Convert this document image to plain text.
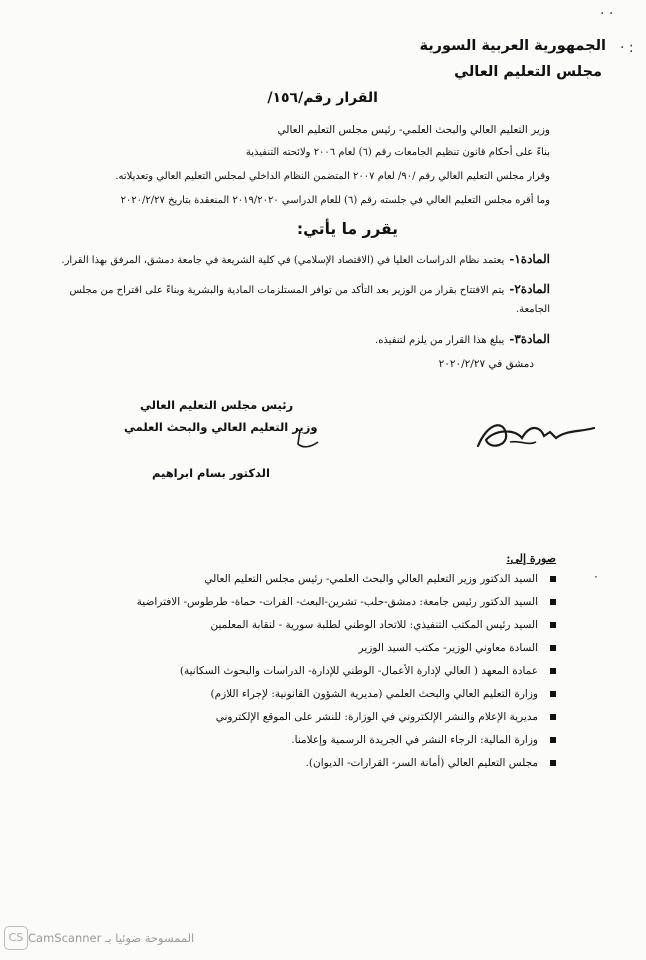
· ·
· :
الجمهورية العربية السورية
مجلس التعليم العالي
القرار رقم/١٥٦/
وزير التعليم العالي والبحث العلمي- رئيس مجلس التعليم العالي
بناءً على أحكام قانون تنظيم الجامعات رقم (٦) لعام ٢٠٠٦ ولائحته التنفيذية
وقرار مجلس التعليم العالي رقم /٩٠/ لعام ٢٠٠٧ المتضمن النظام الداخلي لمجلس التعليم العالي وتعديلاته.
وما أقره مجلس التعليم العالي في جلسته رقم (٦) للعام الدراسي ٢٠١٩/٢٠٢٠ المنعقدة بتاريخ ٢٠٢٠/٢/٢٧
يقرر ما يأتي:
المادة١- يعتمد نظام الدراسات العليا في (الاقتصاد الإسلامي) في كلية الشريعة في جامعة دمشق، المرفق بهذا القرار.
المادة٢- يتم الافتتاح بقرار من الوزير بعد التأكد من توافر المستلزمات المادية والبشرية وبناءً على اقتراح من مجلس
الجامعة.
المادة٣- يبلغ هذا القرار من يلزم لتنفيذه.
دمشق في ٢٠٢٠/٢/٢٧
رئيس مجلس التعليم العالي
وزير التعليم العالي والبحث العلمي
الدكتور بسام ابراهيم
صورة إلى:
·
السيد الدكتور وزير التعليم العالي والبحث العلمي- رئيس مجلس التعليم العالي
السيد الدكتور رئيس جامعة: دمشق-حلب- تشرين-البعث- الفرات- حماة- طرطوس- الافتراضية
السيد رئيس المكتب التنفيذي: للاتحاد الوطني لطلبة سورية - لنقابة المعلمين
السادة معاوني الوزير- مكتب السيد الوزير
عمادة المعهد ( العالي لإدارة الأعمال- الوطني للإدارة- الدراسات والبحوث السكانية)
وزارة التعليم العالي والبحث العلمي (مديرية الشؤون القانونية: لإجراء اللازم)
مديرية الإعلام والنشر الإلكتروني في الوزارة: للنشر على الموقع الإلكتروني
وزارة المالية: الرجاء النشر في الجريدة الرسمية وإعلامنا.
مجلس التعليم العالي (أمانة السر- القرارات- الديوان).
CS الممسوحة ضوئيا بـ CamScanner
